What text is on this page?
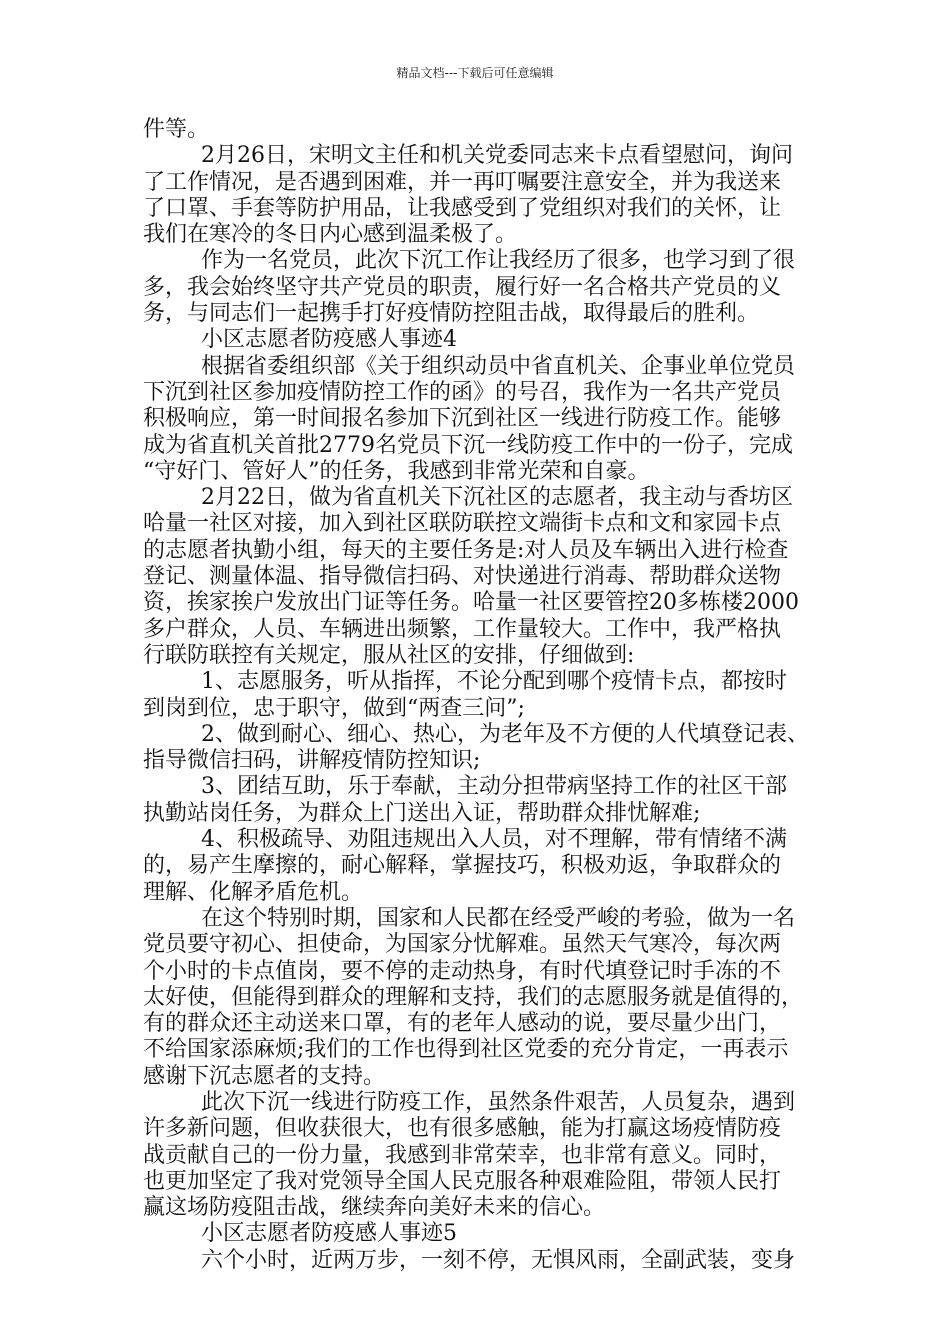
精品文档---下载后可任意编辑
件等。
2月26日，宋明文主任和机关党委同志来卡点看望慰问，询问
了工作情况，是否遇到困难，并一再叮嘱要注意安全，并为我送来
了口罩、手套等防护用品，让我感受到了党组织对我们的关怀，让
我们在寒冷的冬日内心感到温柔极了。
作为一名党员，此次下沉工作让我经历了很多，也学习到了很
多，我会始终坚守共产党员的职责，履行好一名合格共产党员的义
务，与同志们一起携手打好疫情防控阻击战，取得最后的胜利。
小区志愿者防疫感人事迹4
根据省委组织部《关于组织动员中省直机关、企事业单位党员
下沉到社区参加疫情防控工作的函》的号召，我作为一名共产党员
积极响应，第一时间报名参加下沉到社区一线进行防疫工作。能够
成为省直机关首批2779名党员下沉一线防疫工作中的一份子，完成
“守好门、管好人”的任务，我感到非常光荣和自豪。
2月22日，做为省直机关下沉社区的志愿者，我主动与香坊区
哈量一社区对接，加入到社区联防联控文端街卡点和文和家园卡点
的志愿者执勤小组，每天的主要任务是:对人员及车辆出入进行检查
登记、测量体温、指导微信扫码、对快递进行消毒、帮助群众送物
资，挨家挨户发放出门证等任务。哈量一社区要管控20多栋楼2000
多户群众，人员、车辆进出频繁，工作量较大。工作中，我严格执
行联防联控有关规定，服从社区的安排，仔细做到:
1、志愿服务，听从指挥，不论分配到哪个疫情卡点，都按时
到岗到位，忠于职守，做到“两查三问”;
2、做到耐心、细心、热心，为老年及不方便的人代填登记表、
指导微信扫码，讲解疫情防控知识;
3、团结互助，乐于奉献，主动分担带病坚持工作的社区干部
执勤站岗任务，为群众上门送出入证，帮助群众排忧解难;
4、积极疏导、劝阻违规出入人员，对不理解，带有情绪不满
的，易产生摩擦的，耐心解释，掌握技巧，积极劝返，争取群众的
理解、化解矛盾危机。
在这个特别时期，国家和人民都在经受严峻的考验，做为一名
党员要守初心、担使命，为国家分忧解难。虽然天气寒冷，每次两
个小时的卡点值岗，要不停的走动热身，有时代填登记时手冻的不
太好使，但能得到群众的理解和支持，我们的志愿服务就是值得的，
有的群众还主动送来口罩，有的老年人感动的说，要尽量少出门，
不给国家添麻烦;我们的工作也得到社区党委的充分肯定，一再表示
感谢下沉志愿者的支持。
此次下沉一线进行防疫工作，虽然条件艰苦，人员复杂，遇到
许多新问题，但收获很大，也有很多感触，能为打赢这场疫情防疫
战贡献自己的一份力量，我感到非常荣幸，也非常有意义。同时，
也更加坚定了我对党领导全国人民克服各种艰难险阻，带领人民打
赢这场防疫阻击战，继续奔向美好未来的信心。
小区志愿者防疫感人事迹5
六个小时，近两万步，一刻不停，无惧风雨，全副武装，变身
